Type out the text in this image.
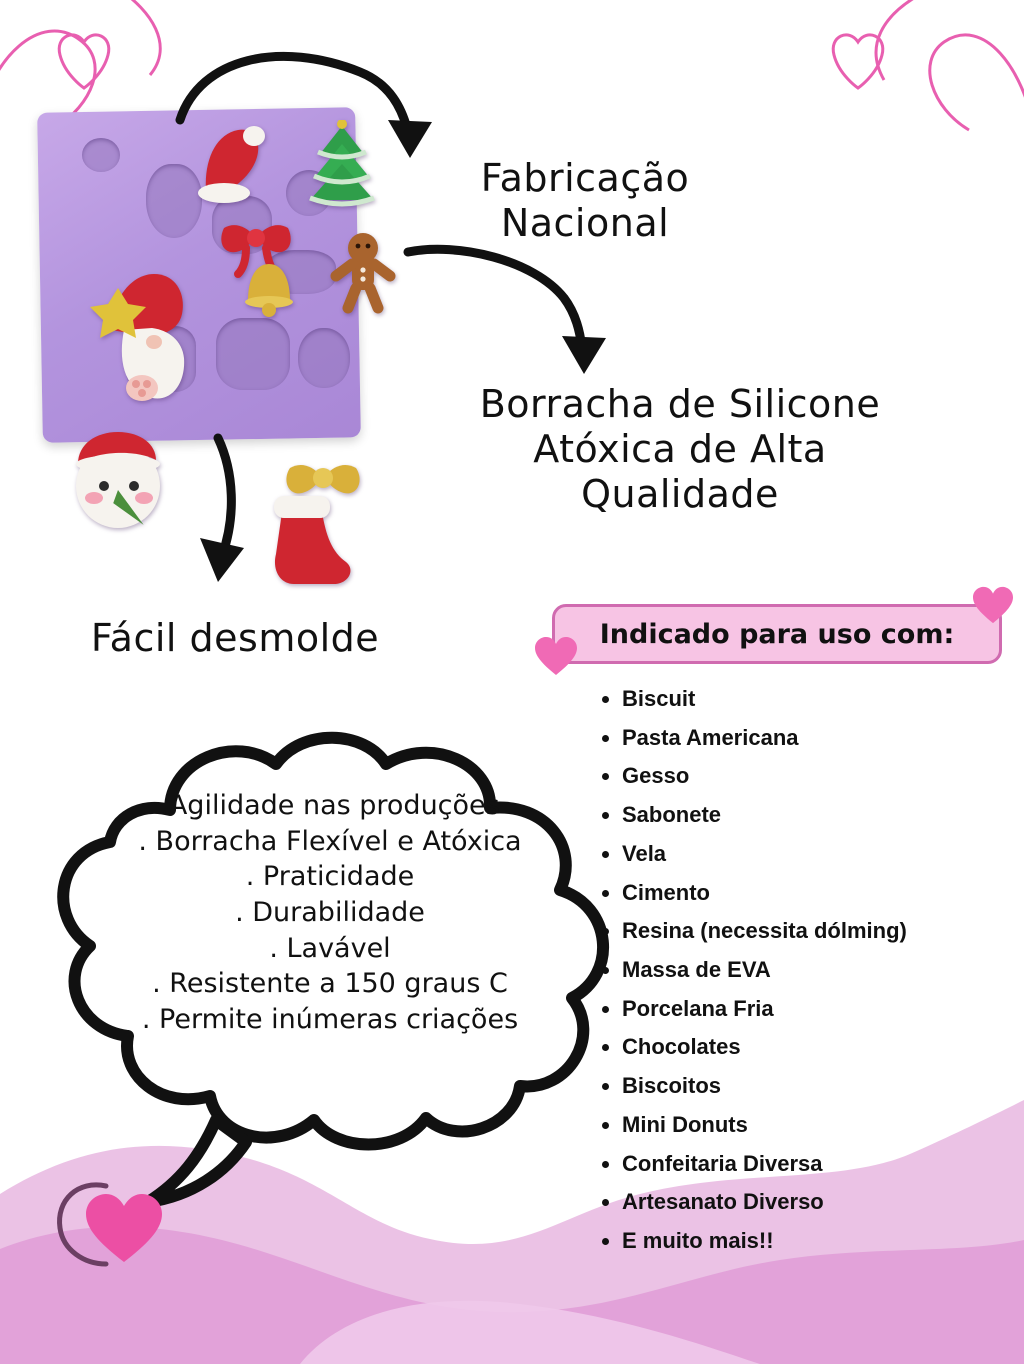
Fabricação
Nacional
Borracha de Silicone
Atóxica de Alta
Qualidade
Fácil desmolde
.Agilidade nas produções
. Borracha Flexível e Atóxica
. Praticidade
. Durabilidade
. Lavável
. Resistente a 150 graus C
. Permite inúmeras criações
Indicado para uso com:
• Biscuit
• Pasta Americana
• Gesso
• Sabonete
• Vela
• Cimento
• Resina (necessita dólming)
• Massa de EVA
• Porcelana Fria
• Chocolates
• Biscoitos
• Mini Donuts
• Confeitaria Diversa
• Artesanato Diverso
• E muito mais!!
